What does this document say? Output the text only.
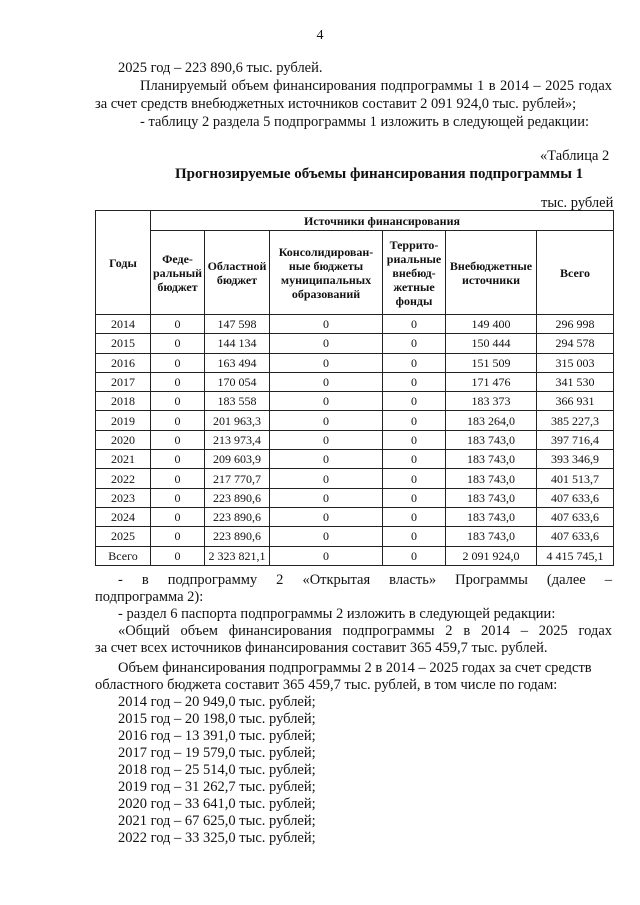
4
2025 год – 223 890,6 тыс. рублей.
Планируемый объем финансирования подпрограммы 1 в 2014 – 2025 годах
за счет средств внебюджетных источников составит 2 091 924,0 тыс. рублей»;
- таблицу 2 раздела 5 подпрограммы 1 изложить в следующей редакции:
«Таблица 2
Прогнозируемые объемы финансирования подпрограммы 1
тыс. рублей
Годы	Источники финансирования					
	Феде-ральный бюджет	Областной бюджет	Консолидирован-ные бюджеты муниципальных образований	Террито-риальные внебюд-жетные фонды	Внебюджетные источники	Всего
2014	0	147 598	0	0	149 400	296 998
2015	0	144 134	0	0	150 444	294 578
2016	0	163 494	0	0	151 509	315 003
2017	0	170 054	0	0	171 476	341 530
2018	0	183 558	0	0	183 373	366 931
2019	0	201 963,3	0	0	183 264,0	385 227,3
2020	0	213 973,4	0	0	183 743,0	397 716,4
2021	0	209 603,9	0	0	183 743,0	393 346,9
2022	0	217 770,7	0	0	183 743,0	401 513,7
2023	0	223 890,6	0	0	183 743,0	407 633,6
2024	0	223 890,6	0	0	183 743,0	407 633,6
2025	0	223 890,6	0	0	183 743,0	407 633,6
Всего	0	2 323 821,1	0	0	2 091 924,0	4 415 745,1
- в подпрограмму 2 «Открытая власть» Программы (далее –
подпрограмма 2):
- раздел 6 паспорта подпрограммы 2 изложить в следующей редакции:
«Общий объем финансирования подпрограммы 2 в 2014 – 2025 годах
за счет всех источников финансирования составит 365 459,7 тыс. рублей.
Объем финансирования подпрограммы 2 в 2014 – 2025 годах за счет средств
областного бюджета составит 365 459,7 тыс. рублей, в том числе по годам:
2014 год – 20 949,0 тыс. рублей;
2015 год – 20 198,0 тыс. рублей;
2016 год – 13 391,0 тыс. рублей;
2017 год – 19 579,0 тыс. рублей;
2018 год – 25 514,0 тыс. рублей;
2019 год – 31 262,7 тыс. рублей;
2020 год – 33 641,0 тыс. рублей;
2021 год – 67 625,0 тыс. рублей;
2022 год – 33 325,0 тыс. рублей;
